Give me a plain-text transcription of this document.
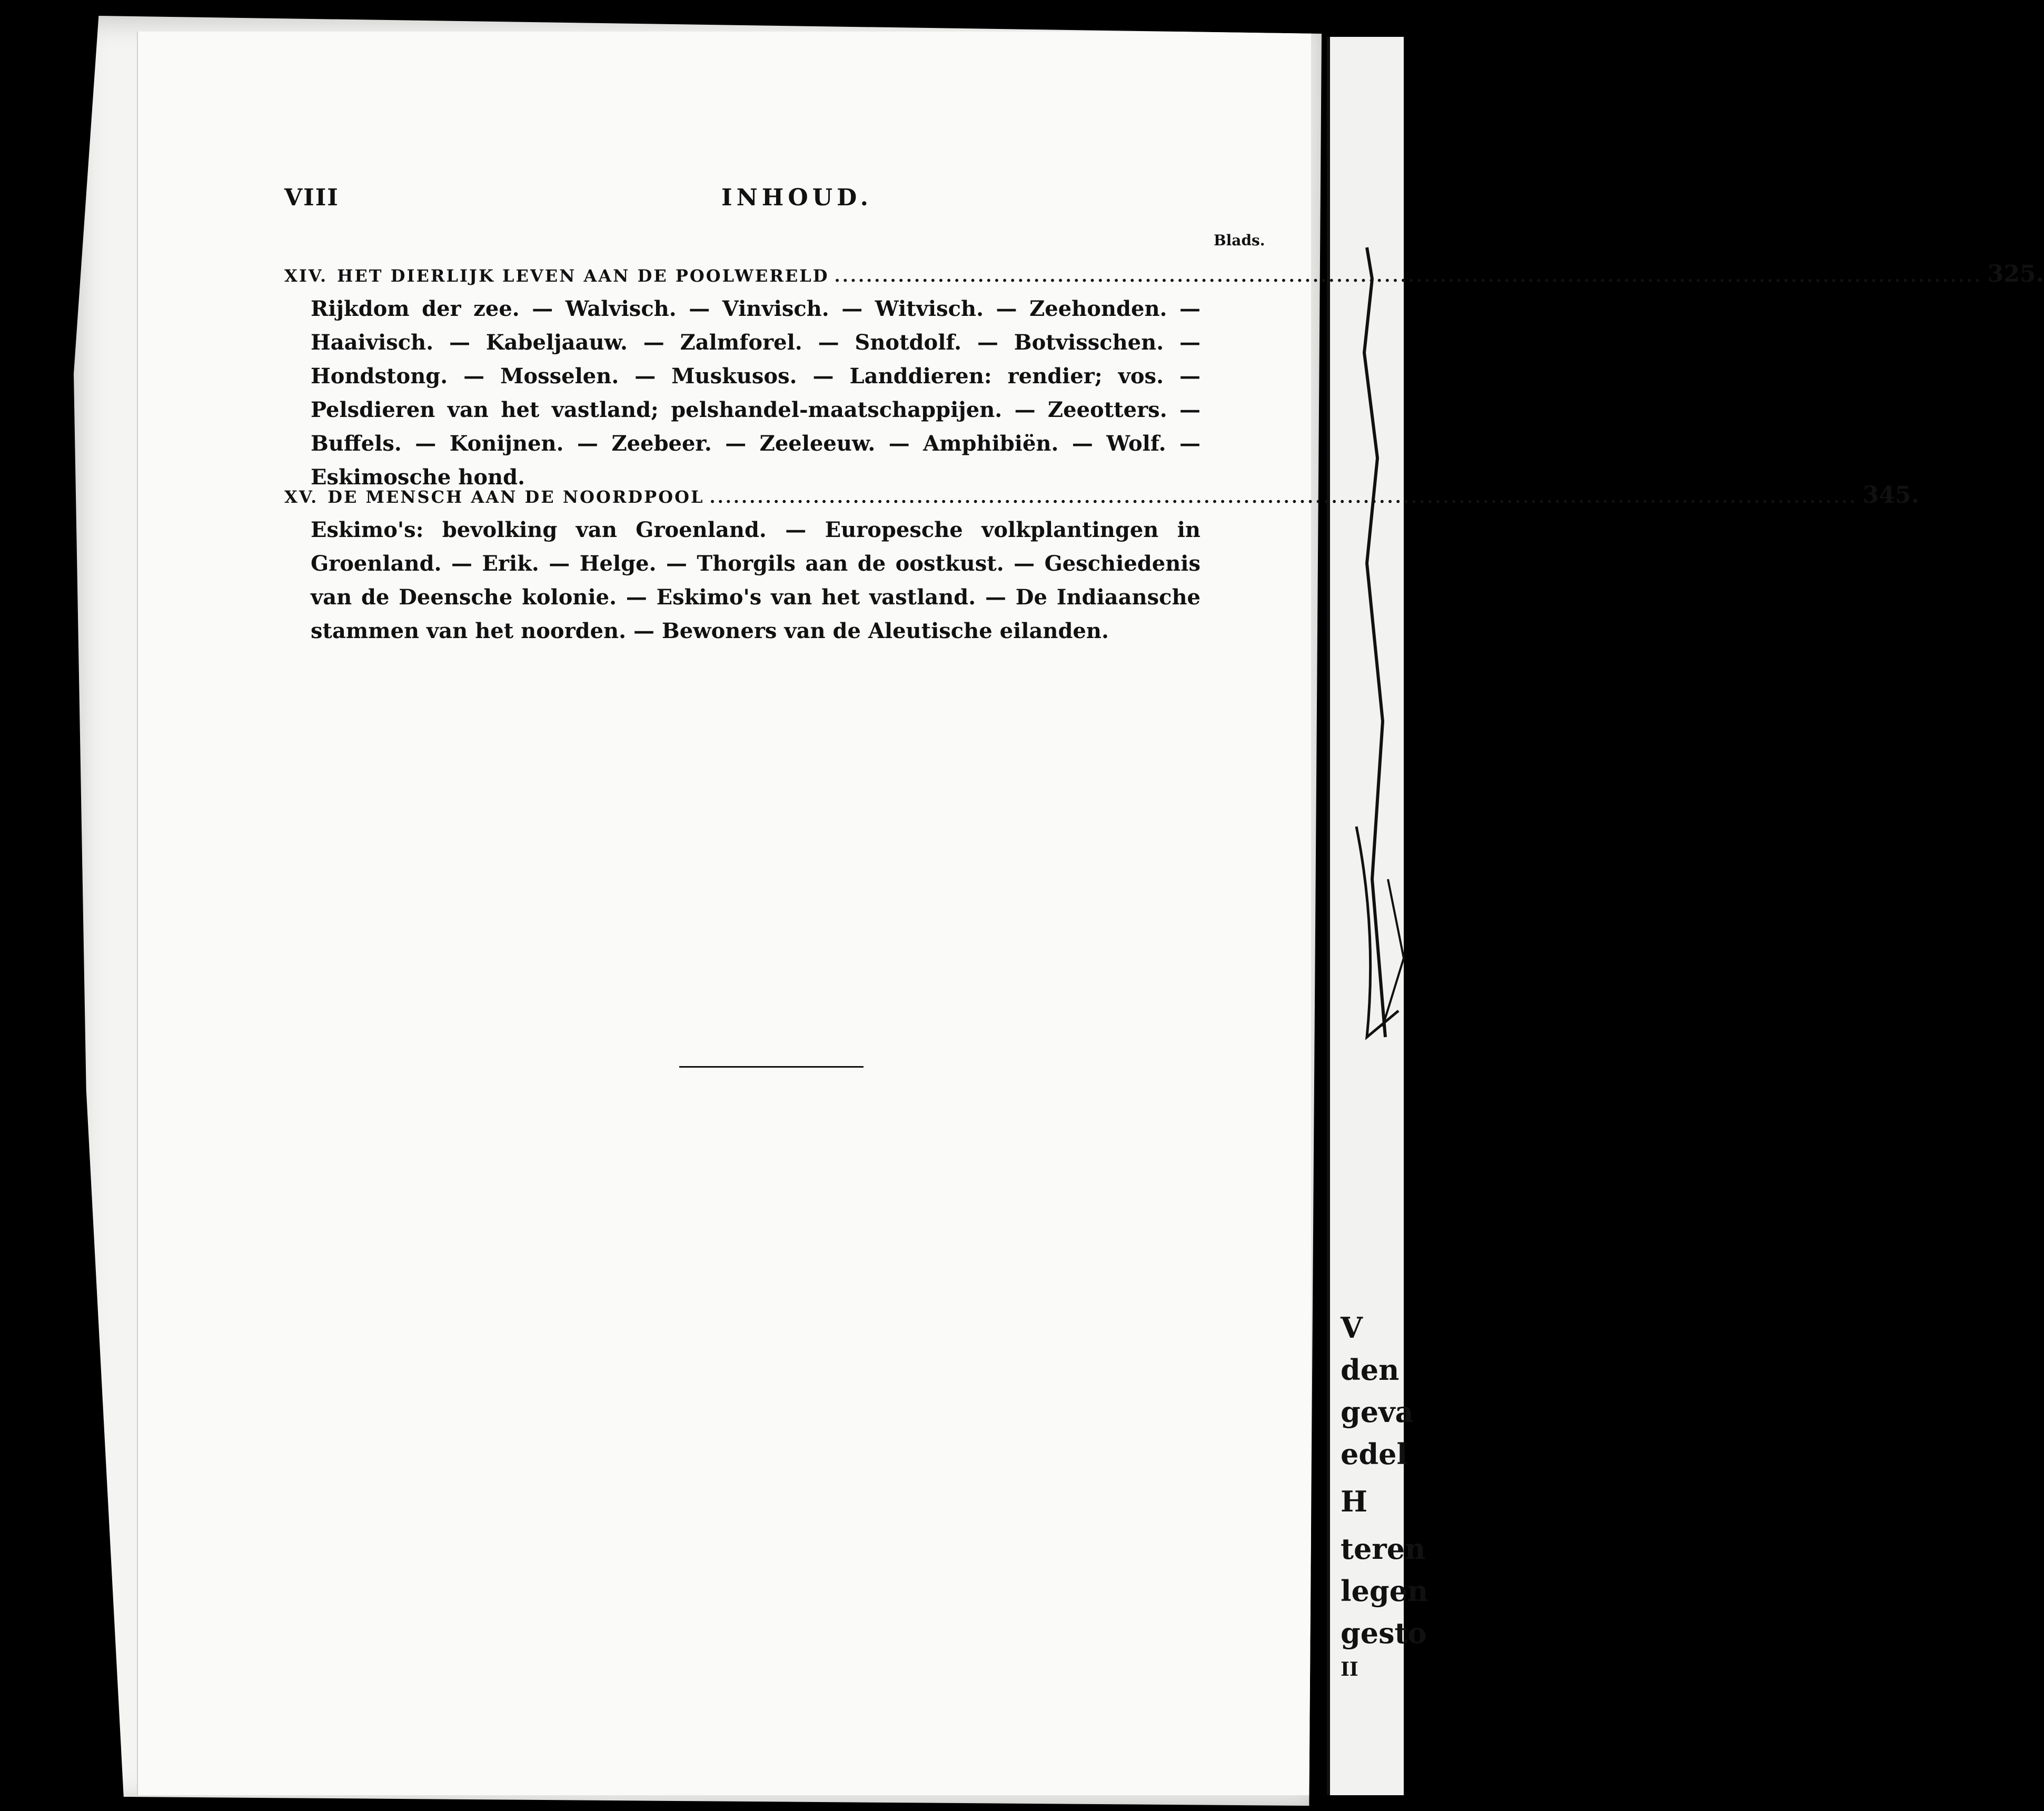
V
den
geva
edel
H
teren
legen
gesto
II
VIII	INHOUD.
Blads.
XIV. HET DIERLIJK LEVEN AAN DE POOLWERELD ................................................................................................................................................ 325.
Rijkdom der zee. — Walvisch. — Vinvisch. — Witvisch. — Zeehonden. — Haaivisch. — Kabeljaauw. — Zalmforel. — Snotdolf. — Botvisschen. — Hondstong. — Mosselen. — Muskusos. — Landdieren: rendier; vos. — Pelsdieren van het vastland; pelshandel-maatschappijen. — Zeeotters. — Buffels. — Konijnen. — Zeebeer. — Zeeleeuw. — Amphibiën. — Wolf. — Eskimosche hond.
XV. DE MENSCH AAN DE NOORDPOOL ................................................................................................................................................ 345.
Eskimo's: bevolking van Groenland. — Europesche volkplantingen in Groenland. — Erik. — Helge. — Thorgils aan de oostkust. — Geschiedenis van de Deensche kolonie. — Eskimo's van het vastland. — De Indiaansche stammen van het noorden. — Bewoners van de Aleutische eilanden.
